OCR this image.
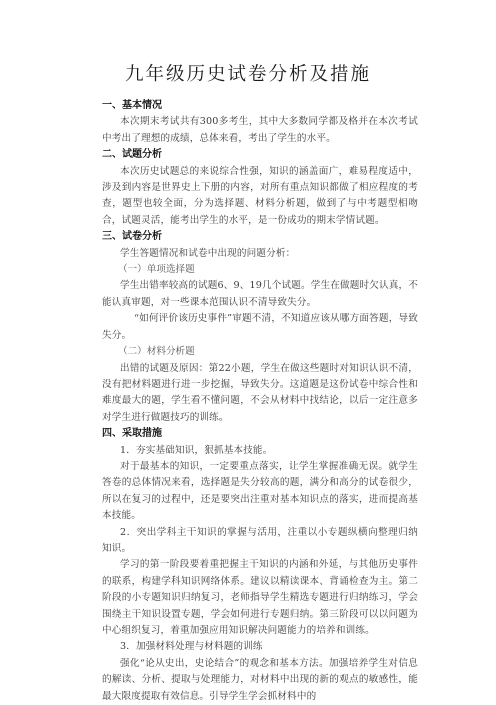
九年级历史试卷分析及措施

一、基本情况

本次期末考试共有300多考生，其中大多数同学都及格并在本次考试中考出了理想的成绩，总体来看，考出了学生的水平。

二、试题分析

本次历史试题总的来说综合性强，知识的涵盖面广，难易程度适中，涉及到内容是世界史上下册的内容，对所有重点知识都做了相应程度的考查，题型也较全面，分为选择题、材料分析题，做到了与中考题型相吻合，试题灵活，能考出学生的水平，是一份成功的期末学情试题。

三、试卷分析

学生答题情况和试卷中出现的问题分析：

（一）单项选择题

学生出错率较高的试题6、9、19几个试题。学生在做题时欠认真，不能认真审题，对一些课本范围认识不清导致失分。

“如何评价该历史事件”审题不清，不知道应该从哪方面答题，导致失分。

（二）材料分析题

出错的试题及原因：第22小题，学生在做这些题时对知识认识不清，没有把材料题进行进一步挖掘，导致失分。这道题是这份试卷中综合性和难度最大的题，学生看不懂问题，不会从材料中找结论，以后一定注意多对学生进行做题技巧的训练。

四、采取措施

1．夯实基础知识，狠抓基本技能。

对于最基本的知识，一定要重点落实，让学生掌握准确无误。就学生答卷的总体情况来看，选择题是失分较高的题，满分和高分的试卷很少，所以在复习的过程中，还是要突出注重对基本知识点的落实，进而提高基本技能。

2．突出学科主干知识的掌握与活用，注重以小专题纵横向整理归纳知识。

学习的第一阶段要着重把握主干知识的内涵和外延，与其他历史事件的联系，构建学科知识网络体系。建议以精读课本、背诵检查为主。第二阶段的小专题知识归纳复习，老师指导学生精选专题进行归纳练习，学会围绕主干知识设置专题，学会如何进行专题归纳。第三阶段可以以问题为中心组织复习，着重加强应用知识解决问题能力的培养和训练。

3．加强材料处理与材料题的训练

强化“论从史出，史论结合”的观念和基本方法。加强培养学生对信息的解读、分析、提取与处理能力，对材料中出现的新的观点的敏感性，能最大限度提取有效信息。引导学生学会抓材料中的
